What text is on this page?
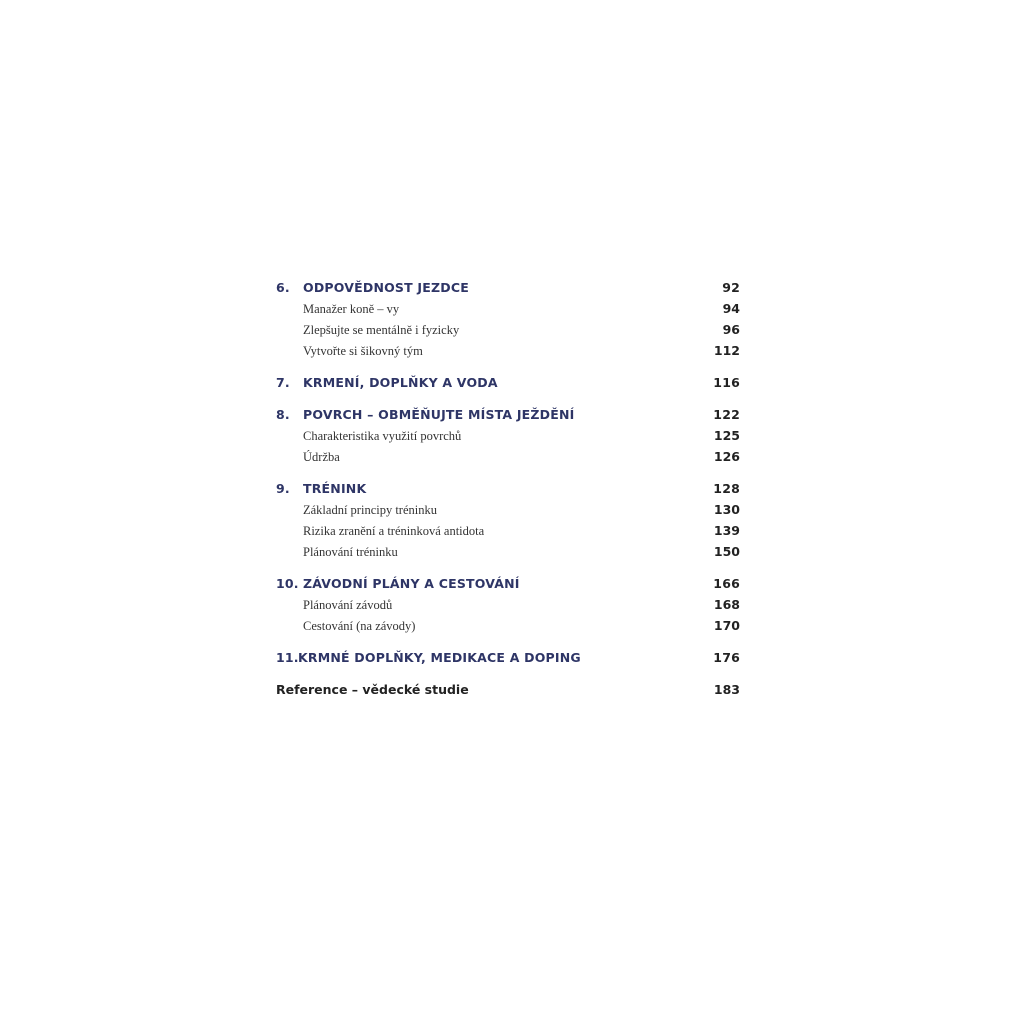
6. ODPOVĚDNOST JEZDCE	92
Manažer koně – vy	94
Zlepšujte se mentálně i fyzicky	96
Vytvořte si šikovný tým	112
7. KRMENÍ, DOPLŇKY A VODA	116
8. POVRCH – OBMĚŇUJTE MÍSTA JEŽDĚNÍ	122
Charakteristika využití povrchů	125
Údržba	126
9. TRÉNINK	128
Základní principy tréninku	130
Rizika zranění a tréninková antidota	139
Plánování tréninku	150
10. ZÁVODNÍ PLÁNY A CESTOVÁNÍ	166
Plánování závodů	168
Cestování (na závody)	170
11.KRMNÉ DOPLŇKY, MEDIKACE A DOPING	176
Reference – vědecké studie	183
